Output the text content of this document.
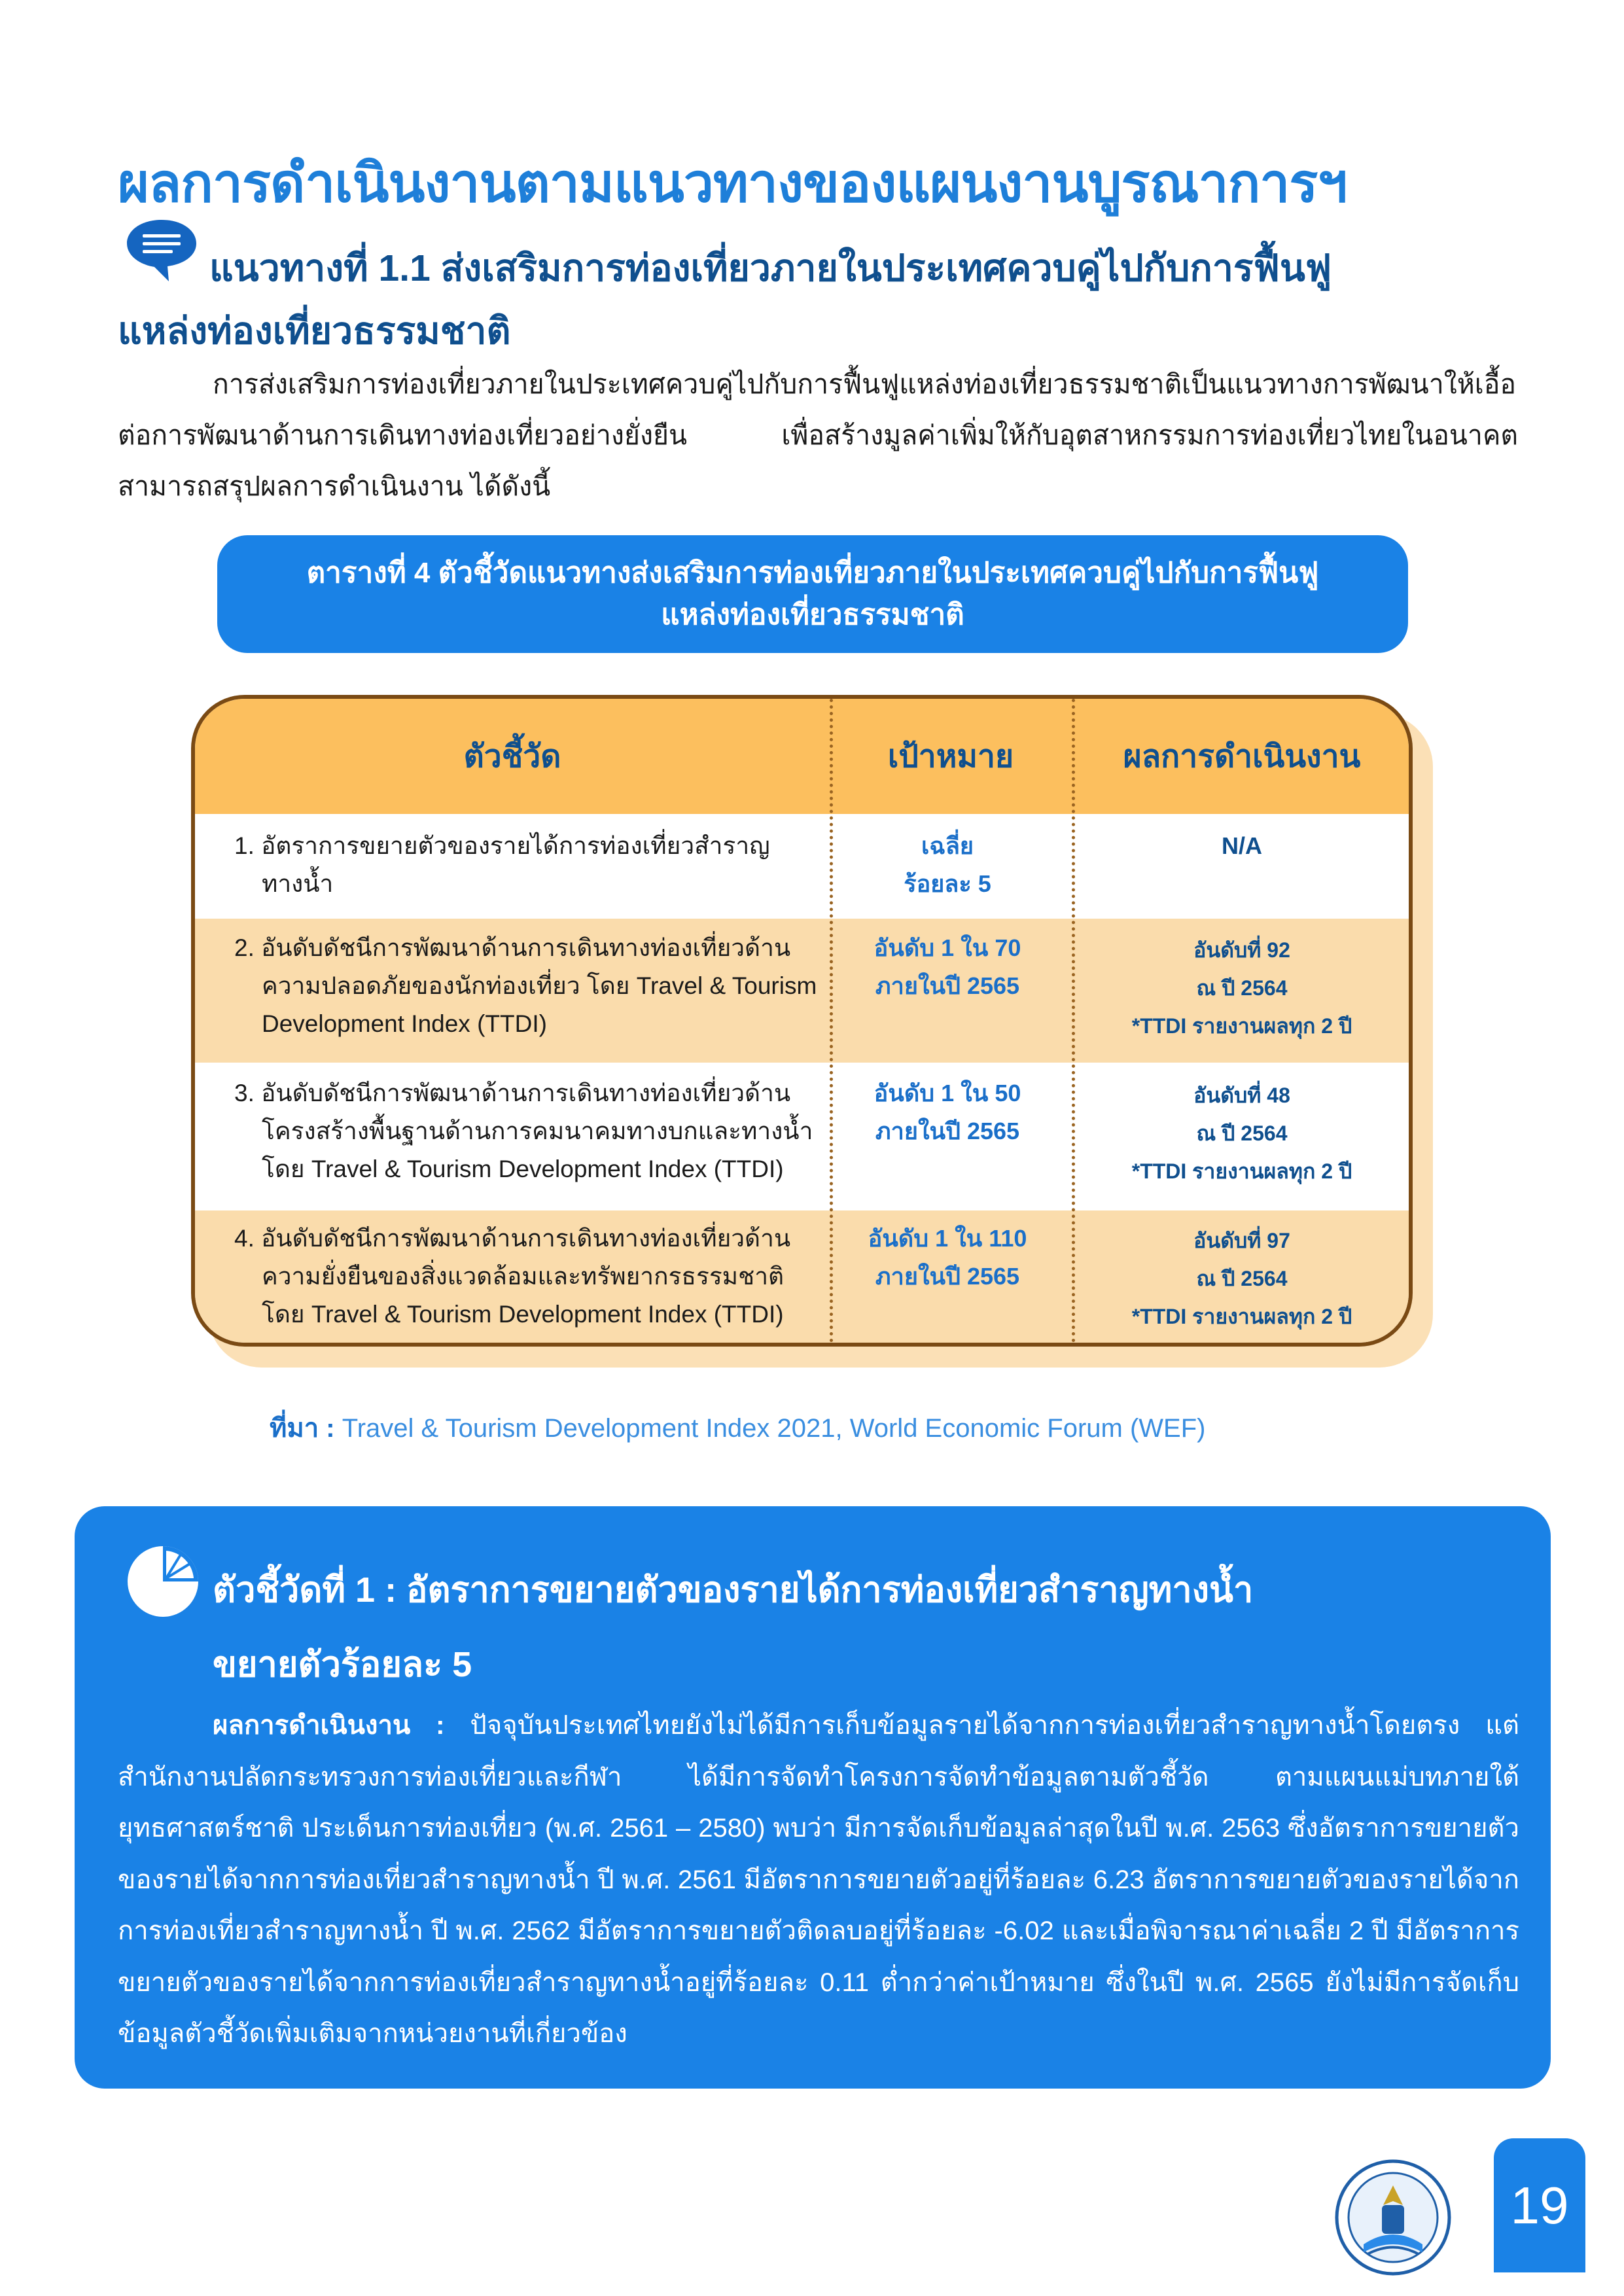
ผลการดำเนินงานตามแนวทางของแผนงานบูรณาการฯ
แนวทางที่ 1.1 ส่งเสริมการท่องเที่ยวภายในประเทศควบคู่ไปกับการฟื้นฟู แหล่งท่องเที่ยวธรรมชาติ

การส่งเสริมการท่องเที่ยวภายในประเทศควบคู่ไปกับการฟื้นฟูแหล่งท่องเที่ยวธรรมชาติเป็นแนวทางการพัฒนาให้เอื้อต่อการพัฒนาด้านการเดินทางท่องเที่ยวอย่างยั่งยืน เพื่อสร้างมูลค่าเพิ่มให้กับอุตสาหกรรมการท่องเที่ยวไทยในอนาคต สามารถสรุปผลการดำเนินงาน ได้ดังนี้

ตารางที่ 4 ตัวชี้วัดแนวทางส่งเสริมการท่องเที่ยวภายในประเทศควบคู่ไปกับการฟื้นฟู
แหล่งท่องเที่ยวธรรมชาติ
ตัวชี้วัด	เป้าหมาย	ผลการดำเนินงาน
1. อัตราการขยายตัวของรายได้การท่องเที่ยวสำราญ
ทางน้ำ
เฉลี่ย
ร้อยละ 5
N/A
2. อันดับดัชนีการพัฒนาด้านการเดินทางท่องเที่ยวด้าน
ความปลอดภัยของนักท่องเที่ยว โดย Travel & Tourism
Development Index (TTDI)
อันดับ 1 ใน 70
ภายในปี 2565
อันดับที่ 92
ณ ปี 2564
*TTDI รายงานผลทุก 2 ปี
3. อันดับดัชนีการพัฒนาด้านการเดินทางท่องเที่ยวด้าน
โครงสร้างพื้นฐานด้านการคมนาคมทางบกและทางน้ำ
โดย Travel & Tourism Development Index (TTDI)
อันดับ 1 ใน 50
ภายในปี 2565
อันดับที่ 48
ณ ปี 2564
*TTDI รายงานผลทุก 2 ปี
4. อันดับดัชนีการพัฒนาด้านการเดินทางท่องเที่ยวด้าน
ความยั่งยืนของสิ่งแวดล้อมและทรัพยากรธรรมชาติ
โดย Travel & Tourism Development Index (TTDI)
อันดับ 1 ใน 110
ภายในปี 2565
อันดับที่ 97
ณ ปี 2564
*TTDI รายงานผลทุก 2 ปี
ที่มา : Travel & Tourism Development Index 2021, World Economic Forum (WEF)
ตัวชี้วัดที่ 1 : อัตราการขยายตัวของรายได้การท่องเที่ยวสำราญทางน้ำ
ขยายตัวร้อยละ 5

ผลการดำเนินงาน : ปัจจุบันประเทศไทยยังไม่ได้มีการเก็บข้อมูลรายได้จากการท่องเที่ยวสำราญทางน้ำโดยตรง แต่สำนักงานปลัดกระทรวงการท่องเที่ยวและกีฬา ได้มีการจัดทำโครงการจัดทำข้อมูลตามตัวชี้วัด ตามแผนแม่บทภายใต้ยุทธศาสตร์ชาติ ประเด็นการท่องเที่ยว (พ.ศ. 2561 – 2580) พบว่า มีการจัดเก็บข้อมูลล่าสุดในปี พ.ศ. 2563 ซึ่งอัตราการขยายตัวของรายได้จากการท่องเที่ยวสำราญทางน้ำ ปี พ.ศ. 2561 มีอัตราการขยายตัวอยู่ที่ร้อยละ 6.23 อัตราการขยายตัวของรายได้จากการท่องเที่ยวสำราญทางน้ำ ปี พ.ศ. 2562 มีอัตราการขยายตัวติดลบอยู่ที่ร้อยละ -6.02 และเมื่อพิจารณาค่าเฉลี่ย 2 ปี มีอัตราการขยายตัวของรายได้จากการท่องเที่ยวสำราญทางน้ำอยู่ที่ร้อยละ 0.11 ต่ำกว่าค่าเป้าหมาย ซึ่งในปี พ.ศ. 2565 ยังไม่มีการจัดเก็บข้อมูลตัวชี้วัดเพิ่มเติมจากหน่วยงานที่เกี่ยวข้อง

19
